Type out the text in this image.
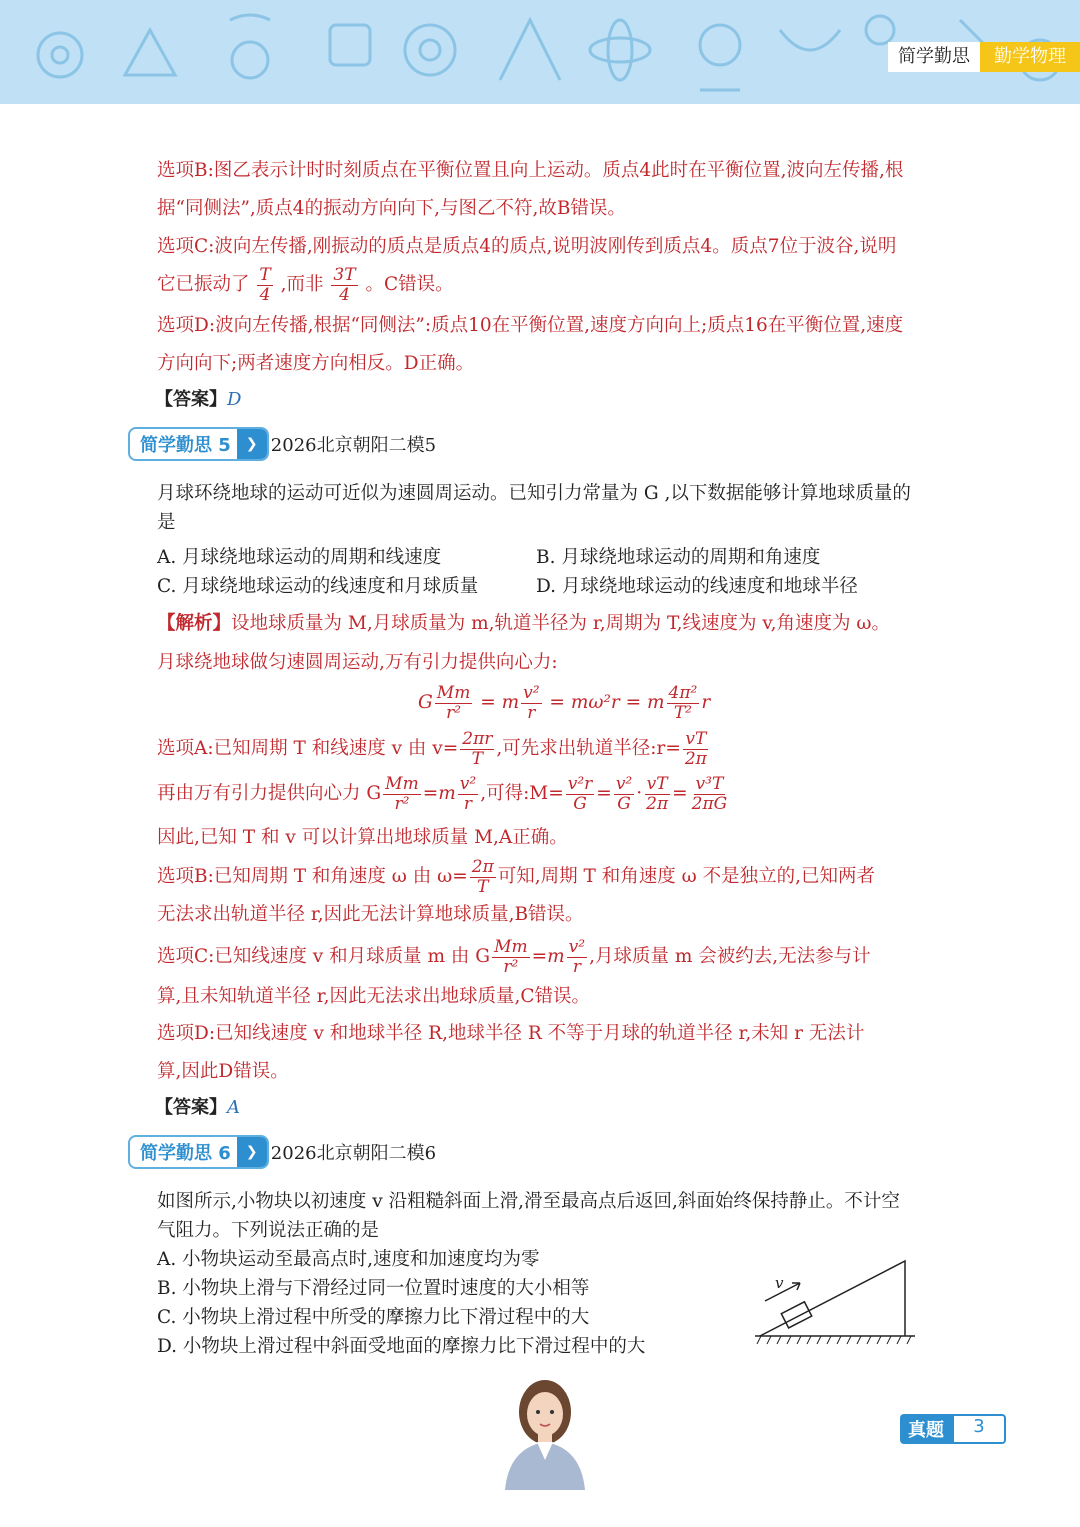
简学勤思	勤学物理
选项B:图乙表示计时时刻质点在平衡位置且向上运动。质点4此时在平衡位置,波向左传播,根
据“同侧法”,质点4的振动方向向下,与图乙不符,故B错误。
选项C:波向左传播,刚振动的质点是质点4的质点,说明波刚传到质点4。质点7位于波谷,说明
它已振动了 $\frac{T}{4}$ ,而非 $\frac{3T}{4}$ 。C错误。
选项D:波向左传播,根据“同侧法”:质点10在平衡位置,速度方向向上;质点16在平衡位置,速度
方向向下;两者速度方向相反。D正确。
【答案】D
简学勤思 5	❯ 2026北京朝阳二模5
月球环绕地球的运动可近似为速圆周运动。已知引力常量为 G ,以下数据能够计算地球质量的
是
A. 月球绕地球运动的周期和线速度	B. 月球绕地球运动的周期和角速度
C. 月球绕地球运动的线速度和月球质量	D. 月球绕地球运动的线速度和地球半径
【解析】设地球质量为 M,月球质量为 m,轨道半径为 r,周期为 T,线速度为 v,角速度为 ω。
月球绕地球做匀速圆周运动,万有引力提供向心力:
G $\frac{Mm}{\text{r²}} = m \frac{\text{v²}}{r} = m\omega^2r = m \frac{\text{4π²}}{\text{T²}}$ r
选项A:已知周期 T 和线速度 v 由 $v= \frac{2\pi r}{T}$ ,可先求出轨道半径:r= $\frac{vT}{2\pi}$
再由万有引力提供向心力 G $\frac{Mm}{\text{r²}} =m \frac{\text{v²}}{r}$ ,可得:M= $\frac{\text{v²r}}{G} = \frac{\text{v²}}{G} \cdot \frac{vT}{2\pi} = \frac{\text{v³T}}{2\pi G}$
因此,已知 T 和 v 可以计算出地球质量 M,A正确。
选项B:已知周期 T 和角速度 ω 由 $\omega= \frac{2\pi}{T}$ 可知,周期 T 和角速度 ω 不是独立的,已知两者
无法求出轨道半径 r,因此无法计算地球质量,B错误。
选项C:已知线速度 v 和月球质量 m 由 G $\frac{Mm}{\text{r²}} =m \frac{\text{v²}}{r}$ ,月球质量 m 会被约去,无法参与计
算,且未知轨道半径 r,因此无法求出地球质量,C错误。
选项D:已知线速度 v 和地球半径 R,地球半径 R 不等于月球的轨道半径 r,未知 r 无法计
算,因此D错误。
【答案】A
简学勤思 6	❯ 2026北京朝阳二模6
如图所示,小物块以初速度 v 沿粗糙斜面上滑,滑至最高点后返回,斜面始终保持静止。不计空
气阻力。下列说法正确的是
A. 小物块运动至最高点时,速度和加速度均为零
B. 小物块上滑与下滑经过同一位置时速度的大小相等
C. 小物块上滑过程中所受的摩擦力比下滑过程中的大
D. 小物块上滑过程中斜面受地面的摩擦力比下滑过程中的大
v
真题	3
